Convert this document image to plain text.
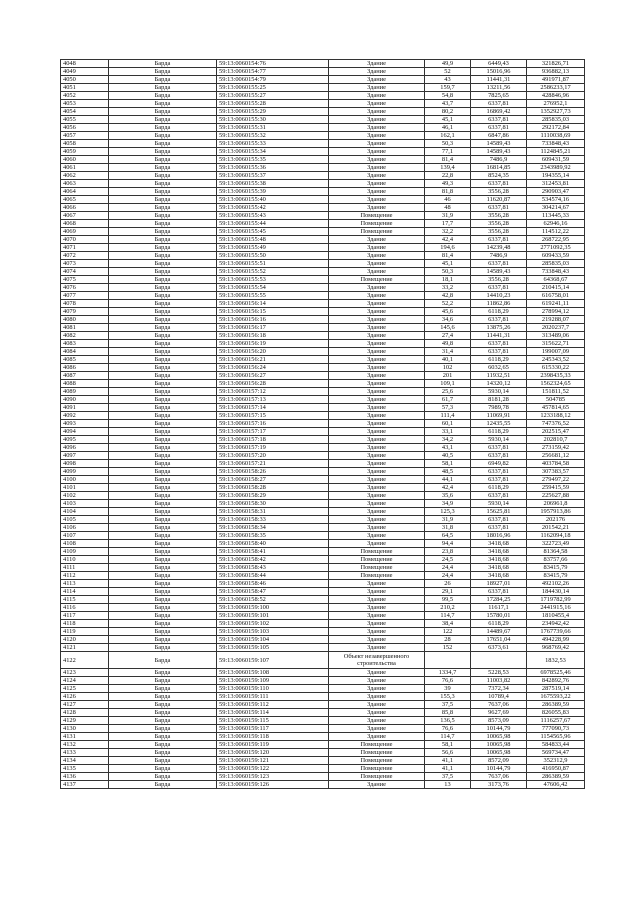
4048	Барда	59:13:0060154:76	Здание	49,9	6449,43	321826,71
4049	Барда	59:13:0060154:77	Здание	52	15016,96	936882,13
4050	Барда	59:13:0060154:79	Здание	43	11441,31	491971,87
4051	Барда	59:13:0060155:25	Здание	159,7	13211,56	2586233,17
4052	Барда	59:13:0060155:27	Здание	54,8	7825,65	428846,96
4053	Барда	59:13:0060155:28	Здание	43,7	6337,81	276952,1
4054	Барда	59:13:0060155:29	Здание	80,2	16869,42	1352927,73
4055	Барда	59:13:0060155:30	Здание	45,1	6337,81	285835,03
4056	Барда	59:13:0060155:31	Здание	46,1	6337,81	292172,84
4057	Барда	59:13:0060155:32	Здание	162,1	6847,86	1110038,69
4058	Барда	59:13:0060155:33	Здание	50,3	14589,43	733848,43
4059	Барда	59:13:0060155:34	Здание	77,1	14589,43	1124845,21
4060	Барда	59:13:0060155:35	Здание	81,4	7486,9	609431,59
4061	Барда	59:13:0060155:36	Здание	139,4	16814,85	2343989,92
4062	Барда	59:13:0060155:37	Здание	22,8	8524,35	194355,14
4063	Барда	59:13:0060155:38	Здание	49,3	6337,81	312453,81
4064	Барда	59:13:0060155:39	Здание	81,8	3556,28	290903,47
4065	Барда	59:13:0060155:40	Здание	46	11620,87	534574,16
4066	Барда	59:13:0060155:42	Здание	48	6337,81	304214,67
4067	Барда	59:13:0060155:43	Помещение	31,9	3556,28	113445,33
4068	Барда	59:13:0060155:44	Помещение	17,7	3556,28	62946,16
4069	Барда	59:13:0060155:45	Помещение	32,2	3556,28	114512,22
4070	Барда	59:13:0060155:48	Здание	42,4	6337,81	268722,95
4071	Барда	59:13:0060155:49	Здание	194,6	14239,48	2771092,35
4072	Барда	59:13:0060155:50	Здание	81,4	7486,9	609433,59
4073	Барда	59:13:0060155:51	Здание	45,1	6337,81	285835,03
4074	Барда	59:13:0060155:52	Здание	50,3	14589,43	733848,43
4075	Барда	59:13:0060155:53	Помещение	18,1	3556,28	64368,67
4076	Барда	59:13:0060155:54	Здание	33,2	6337,81	210415,14
4077	Барда	59:13:0060155:55	Здание	42,8	14410,23	616758,01
4078	Барда	59:13:0060156:14	Здание	52,2	11862,86	619241,11
4079	Барда	59:13:0060156:15	Здание	45,6	6118,29	278994,12
4080	Барда	59:13:0060156:16	Здание	34,6	6337,81	219288,07
4081	Барда	59:13:0060156:17	Здание	145,6	13875,26	2020237,7
4082	Барда	59:13:0060156:18	Здание	27,4	11441,31	313489,06
4083	Барда	59:13:0060156:19	Здание	49,8	6337,81	315622,71
4084	Барда	59:13:0060156:20	Здание	31,4	6337,81	199007,09
4085	Барда	59:13:0060156:21	Здание	40,1	6118,29	245343,52
4086	Барда	59:13:0060156:24	Здание	102	6032,65	615330,22
4087	Барда	59:13:0060156:27	Здание	201	11932,51	2398435,33
4088	Барда	59:13:0060156:28	Здание	109,1	14320,12	1562324,65
4089	Барда	59:13:0060157:12	Здание	25,6	5930,14	151811,52
4090	Барда	59:13:0060157:13	Здание	61,7	8181,28	504785
4091	Барда	59:13:0060157:14	Здание	57,3	7989,78	457814,65
4092	Барда	59:13:0060157:15	Здание	111,4	11069,91	1233188,12
4093	Барда	59:13:0060157:16	Здание	60,1	12435,55	747376,52
4094	Барда	59:13:0060157:17	Здание	33,1	6118,29	202515,47
4095	Барда	59:13:0060157:18	Здание	34,2	5930,14	202810,7
4096	Барда	59:13:0060157:19	Здание	43,1	6337,81	273159,42
4097	Барда	59:13:0060157:20	Здание	40,5	6337,81	256681,12
4098	Барда	59:13:0060157:21	Здание	58,1	6949,82	403784,58
4099	Барда	59:13:0060158:26	Здание	48,5	6337,81	307383,57
4100	Барда	59:13:0060158:27	Здание	44,1	6337,81	279497,22
4101	Барда	59:13:0060158:28	Здание	42,4	6118,29	259415,59
4102	Барда	59:13:0060158:29	Здание	35,6	6337,81	225627,88
4103	Барда	59:13:0060158:30	Здание	34,9	5930,14	206961,8
4104	Барда	59:13:0060158:31	Здание	125,3	15625,81	1957913,86
4105	Барда	59:13:0060158:33	Здание	31,9	6337,81	202176
4106	Барда	59:13:0060158:34	Здание	31,8	6337,81	201542,21
4107	Барда	59:13:0060158:35	Здание	64,5	18016,96	1162094,18
4108	Барда	59:13:0060158:40	Здание	94,4	3418,68	322723,49
4109	Барда	59:13:0060158:41	Помещение	23,8	3418,68	81364,58
4110	Барда	59:13:0060158:42	Помещение	24,5	3418,68	83757,66
4111	Барда	59:13:0060158:43	Помещение	24,4	3418,68	83415,79
4112	Барда	59:13:0060158:44	Помещение	24,4	3418,68	83415,79
4113	Барда	59:13:0060158:46	Здание	26	18927,01	492102,26
4114	Барда	59:13:0060158:47	Здание	29,1	6337,81	184430,14
4115	Барда	59:13:0060158:52	Здание	99,5	17284,25	1719782,99
4116	Барда	59:13:0060159:100	Здание	210,2	11617,1	2441915,16
4117	Барда	59:13:0060159:101	Здание	114,7	15780,01	1810455,4
4118	Барда	59:13:0060159:102	Здание	38,4	6118,29	234942,42
4119	Барда	59:13:0060159:103	Здание	122	14489,67	1767739,66
4120	Барда	59:13:0060159:104	Здание	28	17651,04	494228,99
4121	Барда	59:13:0060159:105	Здание	152	6373,61	968769,42
4122	Барда	59:13:0060159:107	Объект незавершенного строительства			1832,53
4123	Барда	59:13:0060159:108	Здание	1334,7	5228,53	6978525,46
4124	Барда	59:13:0060159:109	Здание	76,6	11003,82	842892,76
4125	Барда	59:13:0060159:110	Здание	39	7372,34	287519,14
4126	Барда	59:13:0060159:111	Здание	155,3	10789,4	1675593,22
4127	Барда	59:13:0060159:112	Здание	37,5	7637,06	286389,59
4128	Барда	59:13:0060159:114	Здание	85,8	9627,69	826055,83
4129	Барда	59:13:0060159:115	Здание	136,5	8573,09	1116257,67
4130	Барда	59:13:0060159:117	Здание	76,6	10144,79	777090,73
4131	Барда	59:13:0060159:118	Здание	114,7	10065,98	1154565,96
4132	Барда	59:13:0060159:119	Помещение	58,1	10065,98	584833,44
4133	Барда	59:13:0060159:120	Помещение	56,6	10065,98	569734,47
4134	Барда	59:13:0060159:121	Помещение	41,1	8572,09	352312,9
4135	Барда	59:13:0060159:122	Помещение	41,1	10144,79	416950,87
4136	Барда	59:13:0060159:123	Помещение	37,5	7637,06	286389,59
4137	Барда	59:13:0060159:126	Здание	13	3173,76	47606,42
